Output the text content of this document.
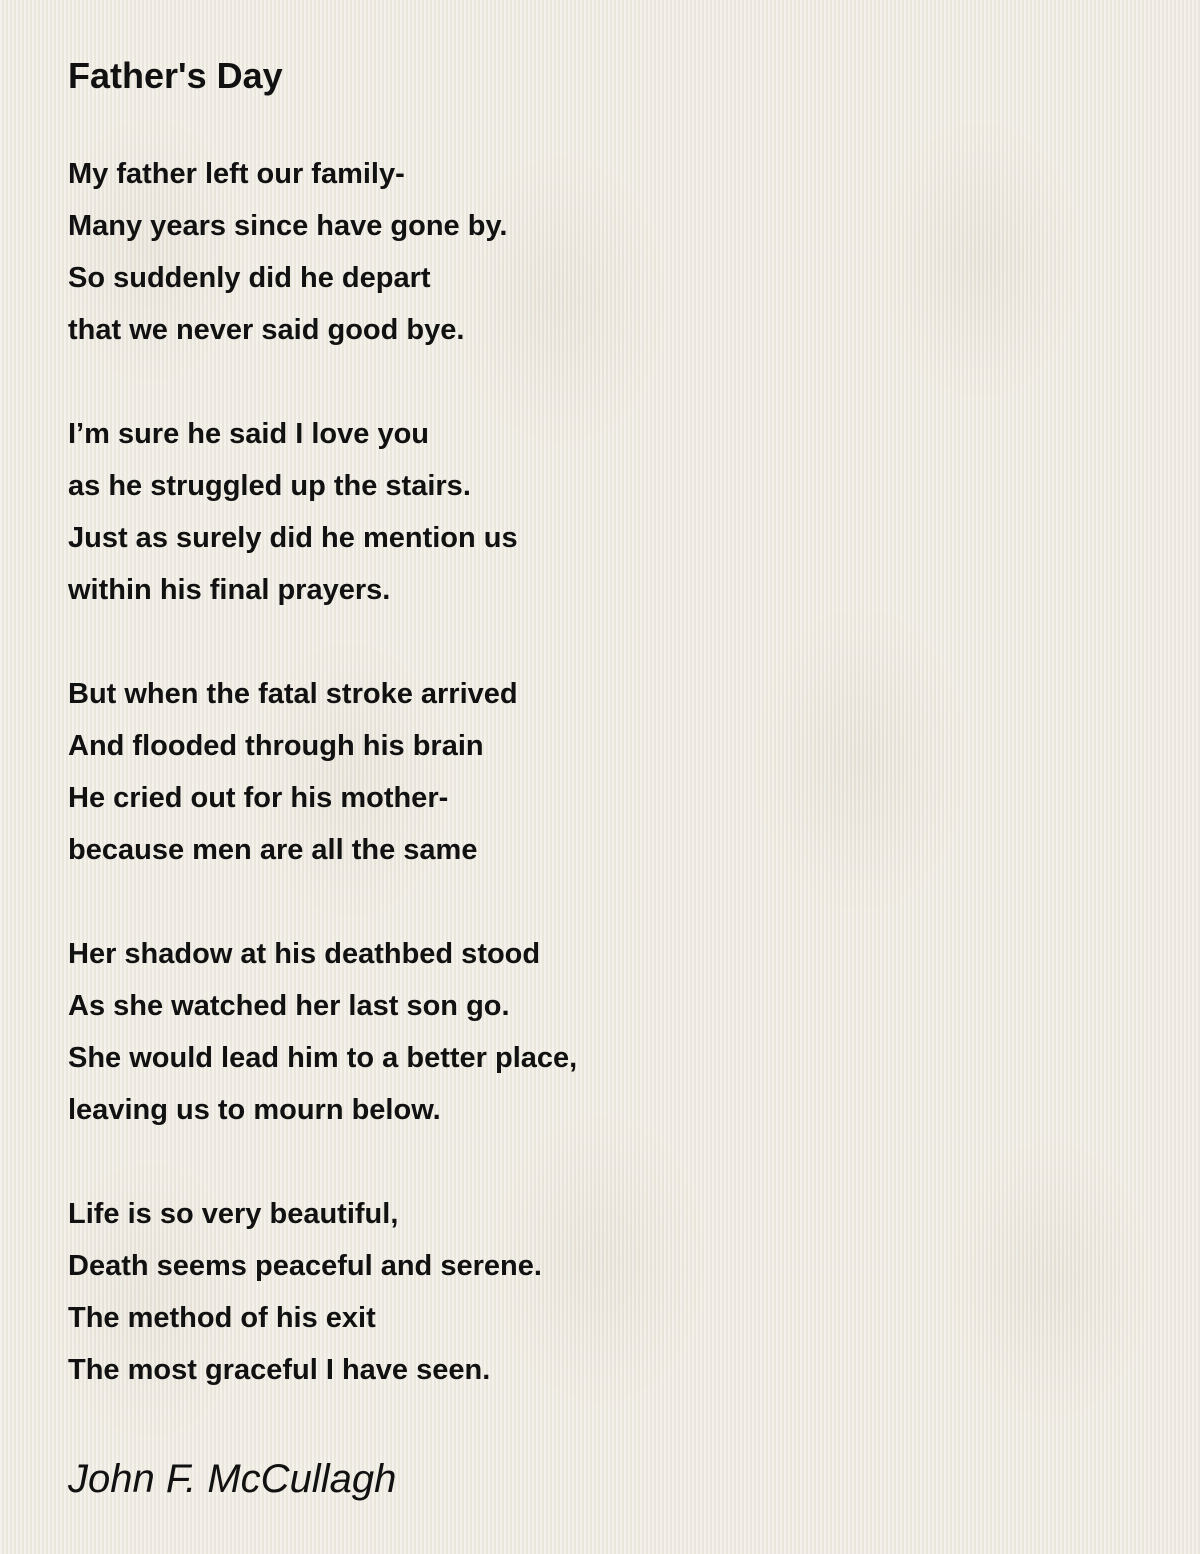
Father's Day
My father left our family-
Many years since have gone by.
So suddenly did he depart
that we never said good bye.
I’m sure he said I love you
as he struggled up the stairs.
Just as surely did he mention us
within his final prayers.
But when the fatal stroke arrived
And flooded through his brain
He cried out for his mother-
because men are all the same
Her shadow at his deathbed stood
As she watched her last son go.
She would lead him to a better place,
leaving us to mourn below.
Life is so very beautiful,
Death seems peaceful and serene.
The method of his exit
The most graceful I have seen.
John F. McCullagh
